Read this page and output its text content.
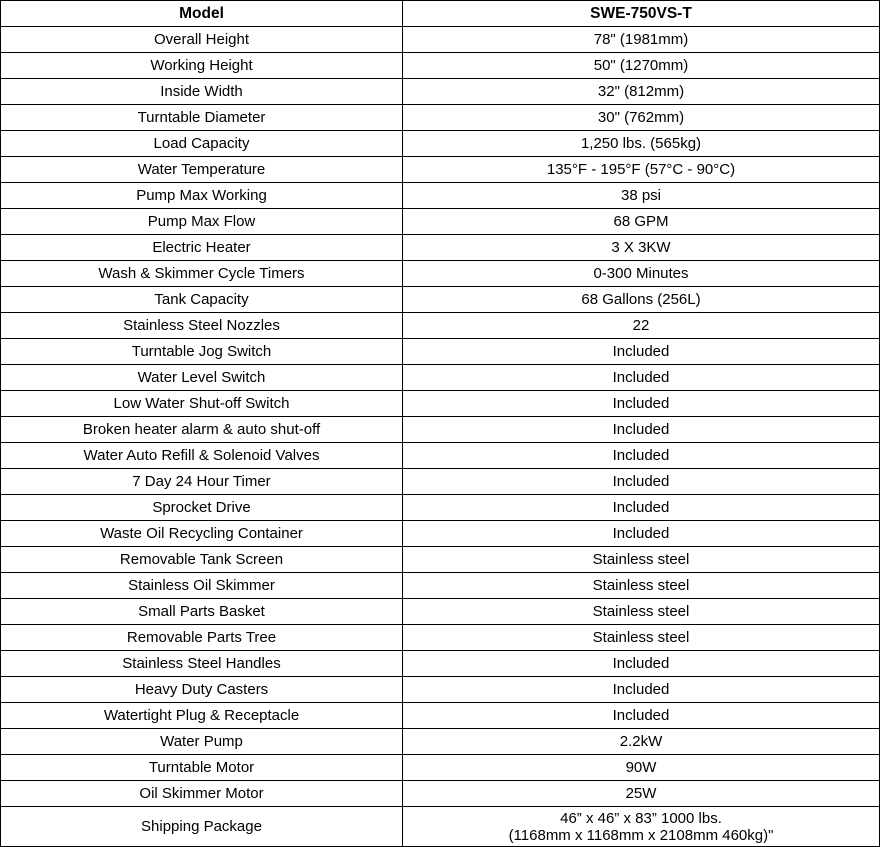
Model	SWE-750VS-T
Overall Height	78" (1981mm)
Working Height	50" (1270mm)
Inside Width	32" (812mm)
Turntable Diameter	30" (762mm)
Load Capacity	1,250 lbs. (565kg)
Water Temperature	135°F - 195°F (57°C - 90°C)
Pump Max Working	38 psi
Pump Max Flow	68 GPM
Electric Heater	3 X 3KW
Wash & Skimmer Cycle Timers	0-300 Minutes
Tank Capacity	68 Gallons (256L)
Stainless Steel Nozzles	22
Turntable Jog Switch	Included
Water Level Switch	Included
Low Water Shut-off Switch	Included
Broken heater alarm & auto shut-off	Included
Water Auto Refill & Solenoid Valves	Included
7 Day 24 Hour Timer	Included
Sprocket Drive	Included
Waste Oil Recycling Container	Included
Removable Tank Screen	Stainless steel
Stainless Oil Skimmer	Stainless steel
Small Parts Basket	Stainless steel
Removable Parts Tree	Stainless steel
Stainless Steel Handles	Included
Heavy Duty Casters	Included
Watertight Plug & Receptacle	Included
Water Pump	2.2kW
Turntable Motor	90W
Oil Skimmer Motor	25W
Shipping Package	46” x 46” x 83” 1000 lbs.
(1168mm x 1168mm x 2108mm 460kg)"
